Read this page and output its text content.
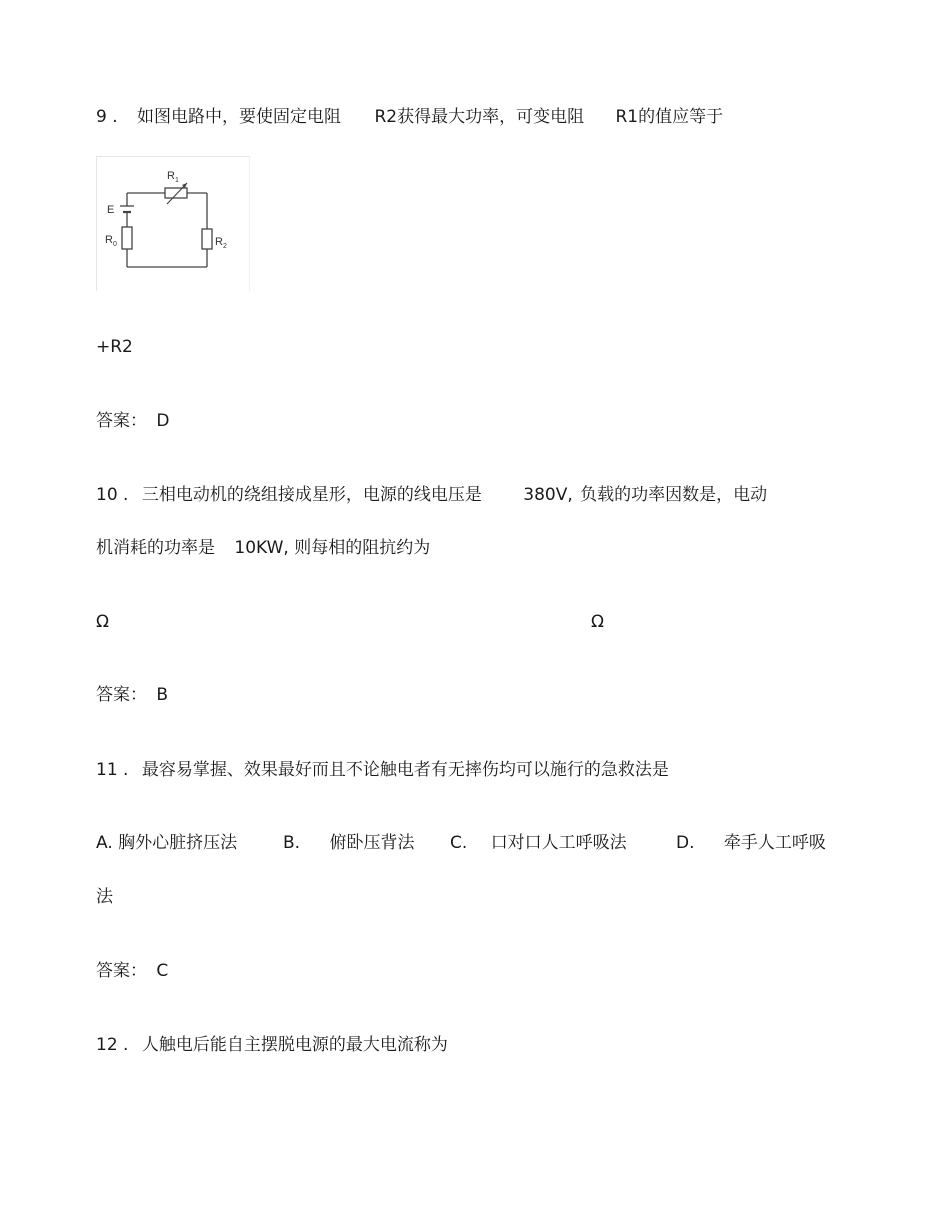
9 . 如图电路中，要使固定电阻 R2获得最大功率，可变电阻 R1的值应等于
$R_1$
E
$R_0$	$R_2$
+R2
答案： D
10 . 三相电动机的绕组接成星形，电源的线电压是 380V, 负载的功率因数是，电动
机消耗的功率是 10KW, 则每相的阻抗约为
Ω	Ω
答案： B
11 . 最容易掌握、效果最好而且不论触电者有无摔伤均可以施行的急救法是
A. 胸外心脏挤压法	B. 俯卧压背法 C. 口对口人工呼吸法	D. 牵手人工呼吸
法
答案： C
12 . 人触电后能自主摆脱电源的最大电流称为
